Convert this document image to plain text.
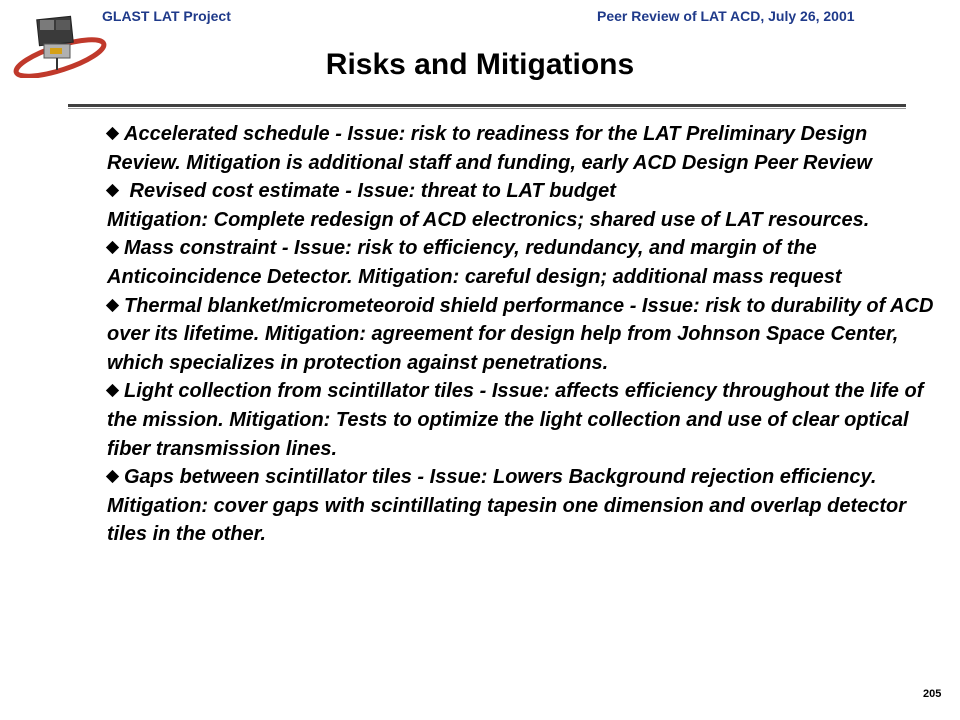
GLAST LAT Project	Peer Review of LAT ACD, July 26, 2001
Risks and Mitigations

Accelerated schedule - Issue: risk to readiness for the LAT Preliminary Design Review. Mitigation is additional staff and funding, early ACD Design Peer Review

Revised cost estimate - Issue: threat to LAT budget
Mitigation: Complete redesign of ACD electronics; shared use of LAT resources.

Mass constraint - Issue: risk to efficiency, redundancy, and margin of the Anticoincidence Detector. Mitigation: careful design; additional mass request

Thermal blanket/micrometeoroid shield performance - Issue: risk to durability of ACD over its lifetime. Mitigation: agreement for design help from Johnson Space Center, which specializes in protection against penetrations.

Light collection from scintillator tiles - Issue: affects efficiency throughout the life of the mission. Mitigation: Tests to optimize the light collection and use of clear optical fiber transmission lines.

Gaps between scintillator tiles - Issue: Lowers Background rejection efficiency. Mitigation: cover gaps with scintillating tapesin one dimension and overlap detector tiles in the other.

205
